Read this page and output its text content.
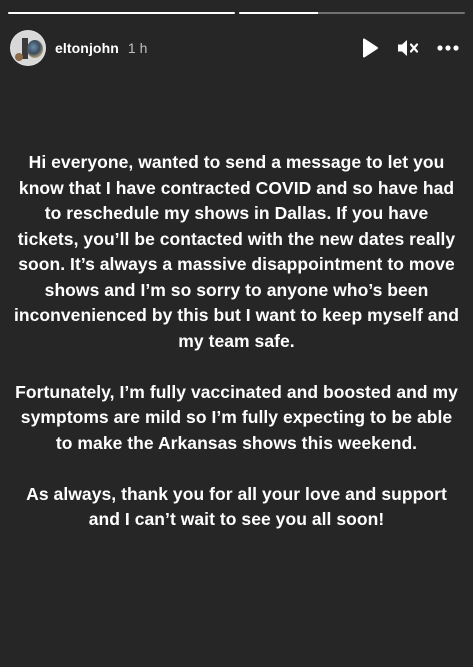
eltonjohn 1 h

Hi everyone, wanted to send a message to let you know that I have contracted COVID and so have had to reschedule my shows in Dallas. If you have tickets, you’ll be contacted with the new dates really soon. It’s always a massive disappointment to move shows and I’m so sorry to anyone who’s been inconvenienced by this but I want to keep myself and my team safe.

Fortunately, I’m fully vaccinated and boosted and my symptoms are mild so I’m fully expecting to be able to make the Arkansas shows this weekend.

As always, thank you for all your love and support and I can’t wait to see you all soon!
